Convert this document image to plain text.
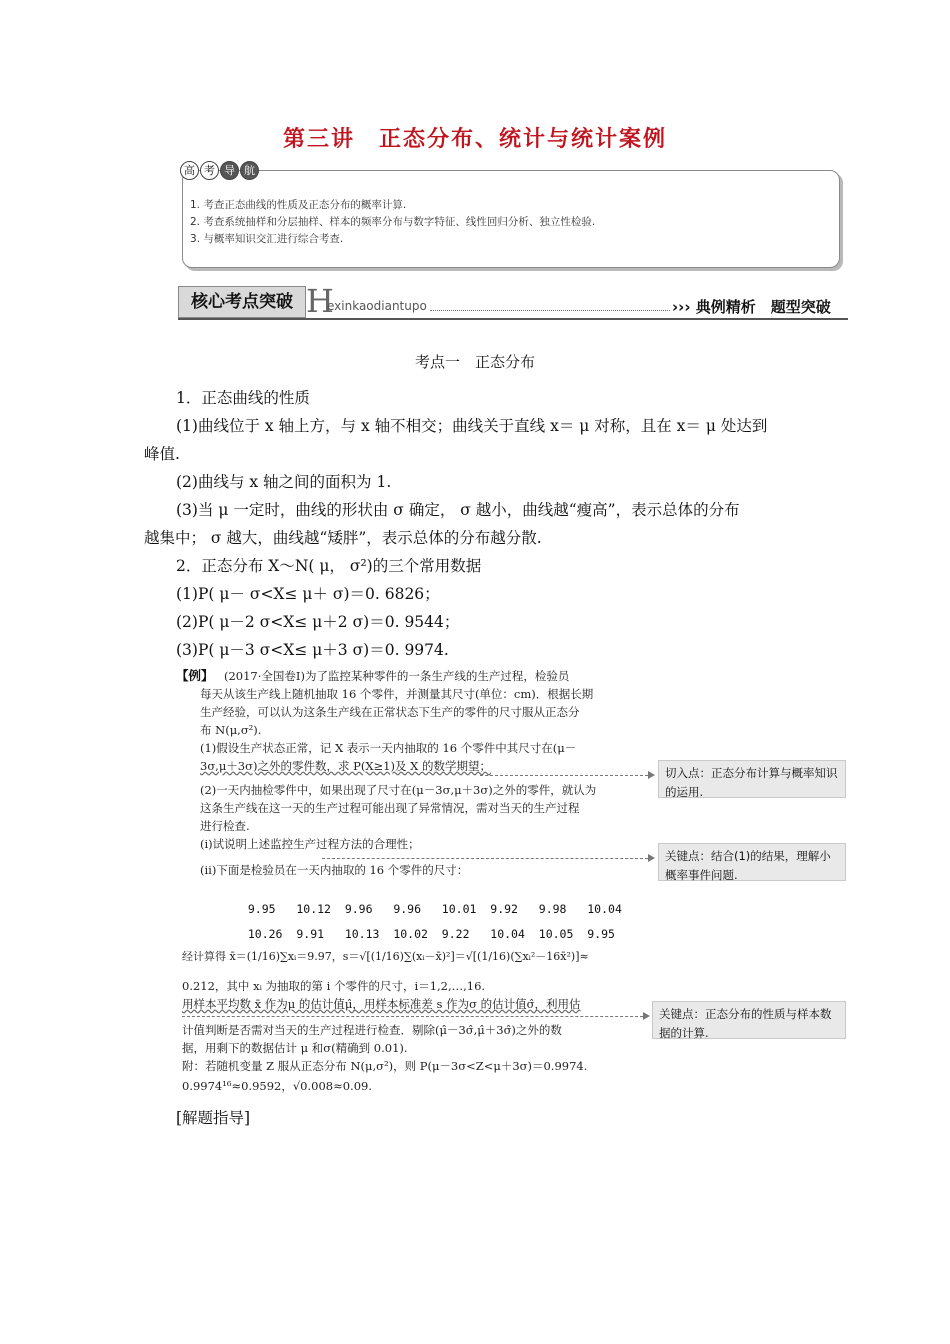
第三讲　正态分布、统计与统计案例
高 考 导 航
1. 考查正态曲线的性质及正态分布的概率计算.
2. 考查系统抽样和分层抽样、样本的频率分布与数字特征、线性回归分析、独立性检验.
3. 与概率知识交汇进行综合考查.
核心考点突破 H
exinkaodiantupo	››› 典例精析　题型突破
考点一　正态分布
1．正态曲线的性质
(1)曲线位于 x 轴上方，与 x 轴不相交；曲线关于直线 x＝ μ 对称，且在 x＝ μ 处达到
峰值.
(2)曲线与 x 轴之间的面积为 1.
(3)当 μ 一定时，曲线的形状由 σ 确定， σ 越小，曲线越“瘦高”，表示总体的分布
越集中； σ 越大，曲线越“矮胖”，表示总体的分布越分散.
2．正态分布 X～N( μ， σ²)的三个常用数据
(1)P( μ－ σ<X≤ μ＋ σ)＝0. 6826；
(2)P( μ－2 σ<X≤ μ＋2 σ)＝0. 9544；
(3)P( μ－3 σ<X≤ μ＋3 σ)＝0. 9974.
【例】 (2017·全国卷Ⅰ)为了监控某种零件的一条生产线的生产过程，检验员
每天从该生产线上随机抽取 16 个零件，并测量其尺寸(单位：cm)．根据长期
生产经验，可以认为这条生产线在正常状态下生产的零件的尺寸服从正态分
布 N(μ,σ²).
(1)假设生产状态正常，记 X 表示一天内抽取的 16 个零件中其尺寸在(μ－
3σ,μ＋3σ)之外的零件数，求 P(X≥1)及 X 的数学期望；
(2)一天内抽检零件中，如果出现了尺寸在(μ－3σ,μ＋3σ)之外的零件，就认为
这条生产线在这一天的生产过程可能出现了异常情况，需对当天的生产过程
进行检查.
(ⅰ)试说明上述监控生产过程方法的合理性；
(ⅱ)下面是检验员在一天内抽取的 16 个零件的尺寸：

9.95 10.12 9.96 9.96 10.01 9.92 9.98 10.04

10.26 9.91 10.13 10.02 9.22 10.04 10.05 9.95

经计算得 x̄＝(1/16)∑xᵢ＝9.97，s＝√[(1/16)∑(xᵢ－x̄)²]＝√[(1/16)(∑xᵢ²－16x̄²)]≈
0.212，其中 xᵢ 为抽取的第 i 个零件的尺寸，i＝1,2,…,16.
用样本平均数 x̄ 作为μ 的估计值μ̂，用样本标准差 s 作为σ 的估计值σ̂，利用估
计值判断是否需对当天的生产过程进行检查．剔除(μ̂－3σ̂,μ̂＋3σ̂)之外的数
据，用剩下的数据估计 μ 和σ(精确到 0.01).
附：若随机变量 Z 服从正态分布 N(μ,σ²)，则 P(μ－3σ<Z<μ＋3σ)＝0.9974.
0.9974¹⁶≈0.9592，√0.008≈0.09.
切入点：正态分布计算与概率知识的运用.
关键点：结合(1)的结果，理解小概率事件问题.
关键点：正态分布的性质与样本数据的计算.
[解题指导]
